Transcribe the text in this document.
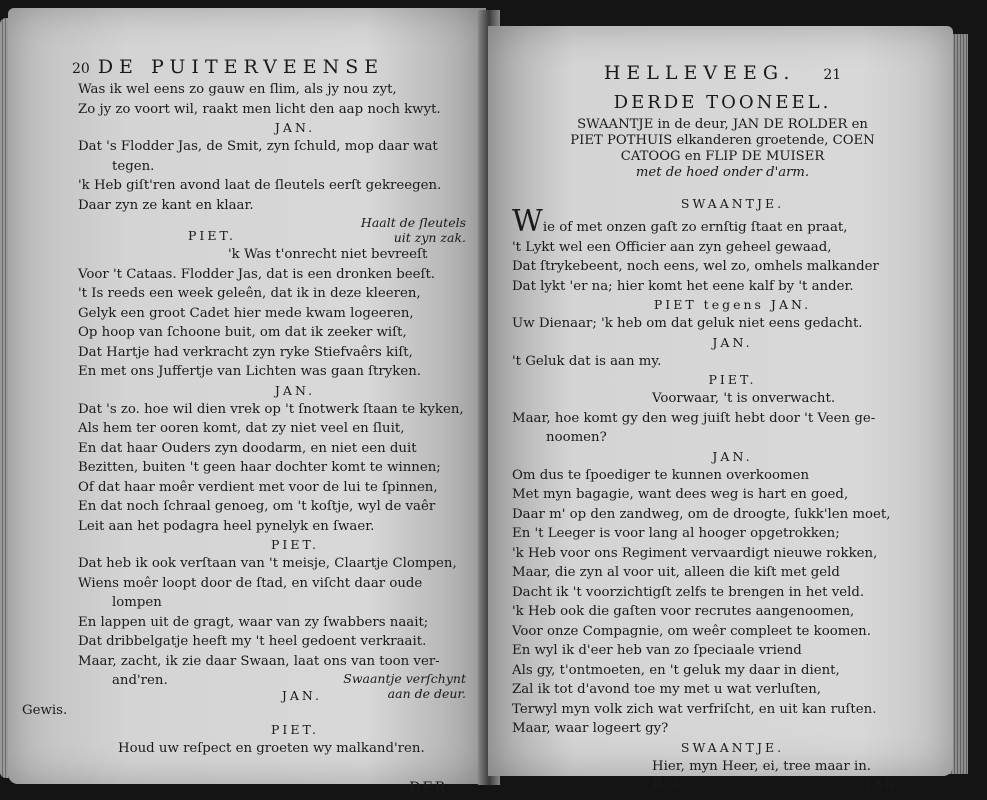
20 DE PUITERVEENSE
Was ik wel eens zo gauw en ſlim, als jy nou zyt,
Zo jy zo voort wil, raakt men licht den aap noch kwyt.
JAN.
Dat 's Flodder Jas, de Smit, zyn ſchuld, mop daar wat
tegen.
'k Heb giſt'ren avond laat de ſleutels eerſt gekreegen.
Daar zyn ze kant en klaar.
PIET.
Haalt de ſleutels
uit zyn zak.
'k Was t'onrecht niet bevreeſt
Voor 't Cataas. Flodder Jas, dat is een dronken beeſt.
't Is reeds een week geleên, dat ik in deze kleeren,
Gelyk een groot Cadet hier mede kwam logeeren,
Op hoop van ſchoone buit, om dat ik zeeker wiſt,
Dat Hartje had verkracht zyn ryke Stiefvaêrs kiſt,
En met ons Juffertje van Lichten was gaan ſtryken.
JAN.
Dat 's zo. hoe wil dien vrek op 't ſnotwerk ſtaan te kyken,
Als hem ter ooren komt, dat zy niet veel en ſluit,
En dat haar Ouders zyn doodarm, en niet een duit
Bezitten, buiten 't geen haar dochter komt te winnen;
Of dat haar moêr verdient met voor de lui te ſpinnen,
En dat noch ſchraal genoeg, om 't koſtje, wyl de vaêr
Leit aan het podagra heel pynelyk en ſwaer.
PIET.
Dat heb ik ook verſtaan van 't meisje, Claartje Clompen,
Wiens moêr loopt door de ſtad, en viſcht daar oude
lompen
En lappen uit de gragt, waar van zy ſwabbers naait;
Dat dribbelgatje heeft my 't heel gedoent verkraait.
Maar, zacht, ik zie daar Swaan, laat ons van toon ver-
and'ren.	Swaantje verſchynt
aan de deur.
Gewis.
JAN.
PIET.
Houd uw reſpect en groeten wy malkand'ren.
DER-
HELLEVEEG. 21
DERDE TOONEEL.
SWAANTJE in de deur, JAN DE ROLDER en
PIET POTHUIS elkanderen groetende, COEN
CATOOG en FLIP DE MUISER
met de hoed onder d'arm.
SWAANTJE.
Wie of met onzen gaſt zo ernſtig ſtaat en praat,
't Lykt wel een Officier aan zyn geheel gewaad,
Dat ſtrykebeent, noch eens, wel zo, omhels malkander
Dat lykt 'er na; hier komt het eene kalf by 't ander.
PIET tegens JAN.
Uw Dienaar; 'k heb om dat geluk niet eens gedacht.
JAN.
't Geluk dat is aan my.
PIET.
Voorwaar, 't is onverwacht.
Maar, hoe komt gy den weg juiſt hebt door 't Veen ge-
noomen?
JAN.
Om dus te ſpoediger te kunnen overkoomen
Met myn bagagie, want dees weg is hart en goed,
Daar m' op den zandweg, om de droogte, ſukk'len moet,
En 't Leeger is voor lang al hooger opgetrokken;
'k Heb voor ons Regiment vervaardigt nieuwe rokken,
Maar, die zyn al voor uit, alleen die kiſt met geld
Dacht ik 't voorzichtigſt zelfs te brengen in het veld.
'k Heb ook die gaſten voor recrutes aangenoomen,
Voor onze Compagnie, om weêr compleet te koomen.
En wyl ik d'eer heb van zo ſpeciaale vriend
Als gy, t'ontmoeten, en 't geluk my daar in dient,
Zal ik tot d'avond toe my met u wat verluſten,
Terwyl myn volk zich wat verfriſcht, en uit kan ruſten.
Maar, waar logeert gy?
SWAANTJE.
Hier, myn Heer, ei, tree maar in.
B 3	JAN.
